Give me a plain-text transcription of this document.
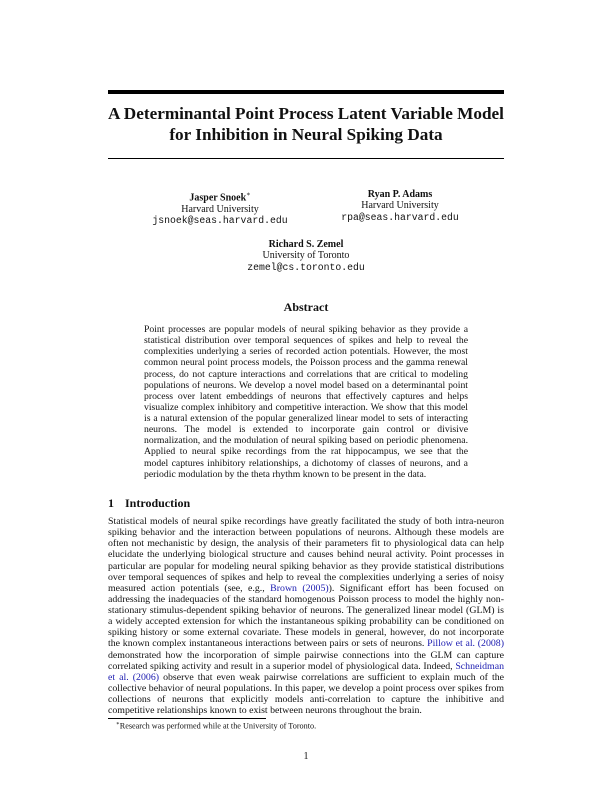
A Determinantal Point Process Latent Variable Model for Inhibition in Neural Spiking Data
Jasper Snoek∗
Harvard University
jsnoek@seas.harvard.edu
Ryan P. Adams
Harvard University
rpa@seas.harvard.edu
Richard S. Zemel
University of Toronto
zemel@cs.toronto.edu
Abstract
Point processes are popular models of neural spiking behavior as they provide a statistical distribution over temporal sequences of spikes and help to reveal the complexities underlying a series of recorded action potentials. However, the most common neural point process models, the Poisson process and the gamma renewal process, do not capture interactions and correlations that are critical to modeling populations of neurons. We develop a novel model based on a determinantal point process over latent embeddings of neurons that effectively captures and helps visualize complex inhibitory and competitive interaction. We show that this model is a natural extension of the popular generalized linear model to sets of interacting neurons. The model is extended to incorporate gain control or divisive normalization, and the modulation of neural spiking based on periodic phenomena. Applied to neural spike recordings from the rat hippocampus, we see that the model captures inhibitory relationships, a dichotomy of classes of neurons, and a periodic modulation by the theta rhythm known to be present in the data.
1 Introduction
Statistical models of neural spike recordings have greatly facilitated the study of both intra-neuron spiking behavior and the interaction between populations of neurons. Although these models are often not mechanistic by design, the analysis of their parameters fit to physiological data can help elucidate the underlying biological structure and causes behind neural activity. Point processes in particular are popular for modeling neural spiking behavior as they provide statistical distributions over temporal sequences of spikes and help to reveal the complexities underlying a series of noisy measured action potentials (see, e.g., Brown (2005)). Significant effort has been focused on addressing the inadequacies of the standard homogenous Poisson process to model the highly non-stationary stimulus-dependent spiking behavior of neurons. The generalized linear model (GLM) is a widely accepted extension for which the instantaneous spiking probability can be conditioned on spiking history or some external covariate. These models in general, however, do not incorporate the known complex instantaneous interactions between pairs or sets of neurons. Pillow et al. (2008) demonstrated how the incorporation of simple pairwise connections into the GLM can capture correlated spiking activity and result in a superior model of physiological data. Indeed, Schneidman et al. (2006) observe that even weak pairwise correlations are sufficient to explain much of the collective behavior of neural populations. In this paper, we develop a point process over spikes from collections of neurons that explicitly models anti-correlation to capture the inhibitive and competitive relationships known to exist between neurons throughout the brain.
∗Research was performed while at the University of Toronto.
1
